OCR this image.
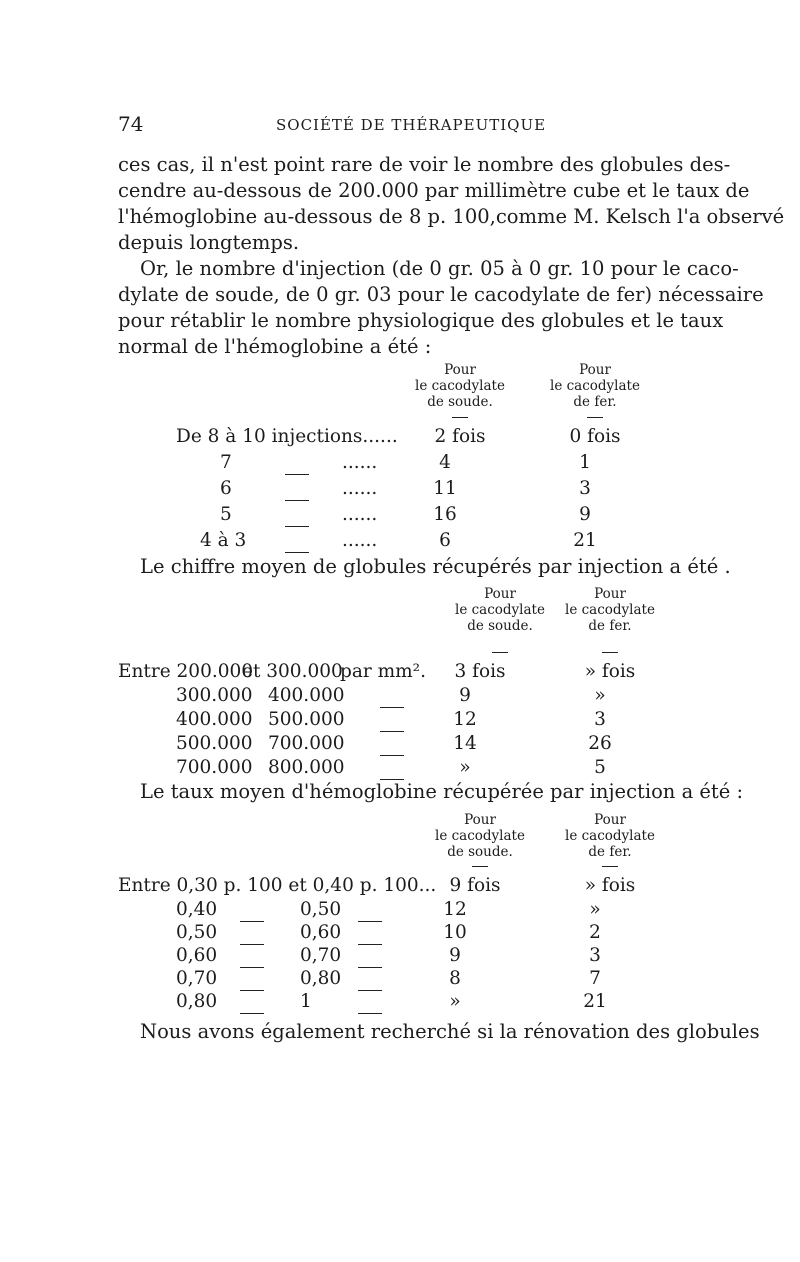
74	SOCIÉTÉ DE THÉRAPEUTIQUE
ces cas, il n'est point rare de voir le nombre des globules des-
cendre au-dessous de 200.000 par millimètre cube et le taux de
l'hémoglobine au-dessous de 8 p. 100,comme M. Kelsch l'a observé
depuis longtemps.
Or, le nombre d'injection (de 0 gr. 05 à 0 gr. 10 pour le caco-
dylate de soude, de 0 gr. 03 pour le cacodylate de fer) nécessaire
pour rétablir le nombre physiologique des globules et le taux
normal de l'hémoglobine a été :
Pour
le cacodylate
de soude.
Pour
le cacodylate
de fer.
De 8 à 10 injections......	2 fois	0 fois
7	......	4	1
6	......	11	3
5	......	16	9
4 à 3	......	6	21
Le chiffre moyen de globules récupérés par injection a été .
Pour
le cacodylate
de soude.
Pour
le cacodylate
de fer.
Entre 200.000
et 300.000
par mm².	3 fois	» fois
300.000 400.000	9	»
400.000 500.000	12	3
500.000 700.000	14	26
700.000 800.000	»	5
Le taux moyen d'hémoglobine récupérée par injection a été :
Pour
le cacodylate
de soude.
Pour
le cacodylate
de fer.
Entre 0,30 p. 100 et 0,40 p. 100... 9 fois	» fois
0,40	0,50	12	»
0,50	0,60	10	2
0,60	0,70	9	3
0,70	0,80	8	7
0,80	1	»	21
Nous avons également recherché si la rénovation des globules
